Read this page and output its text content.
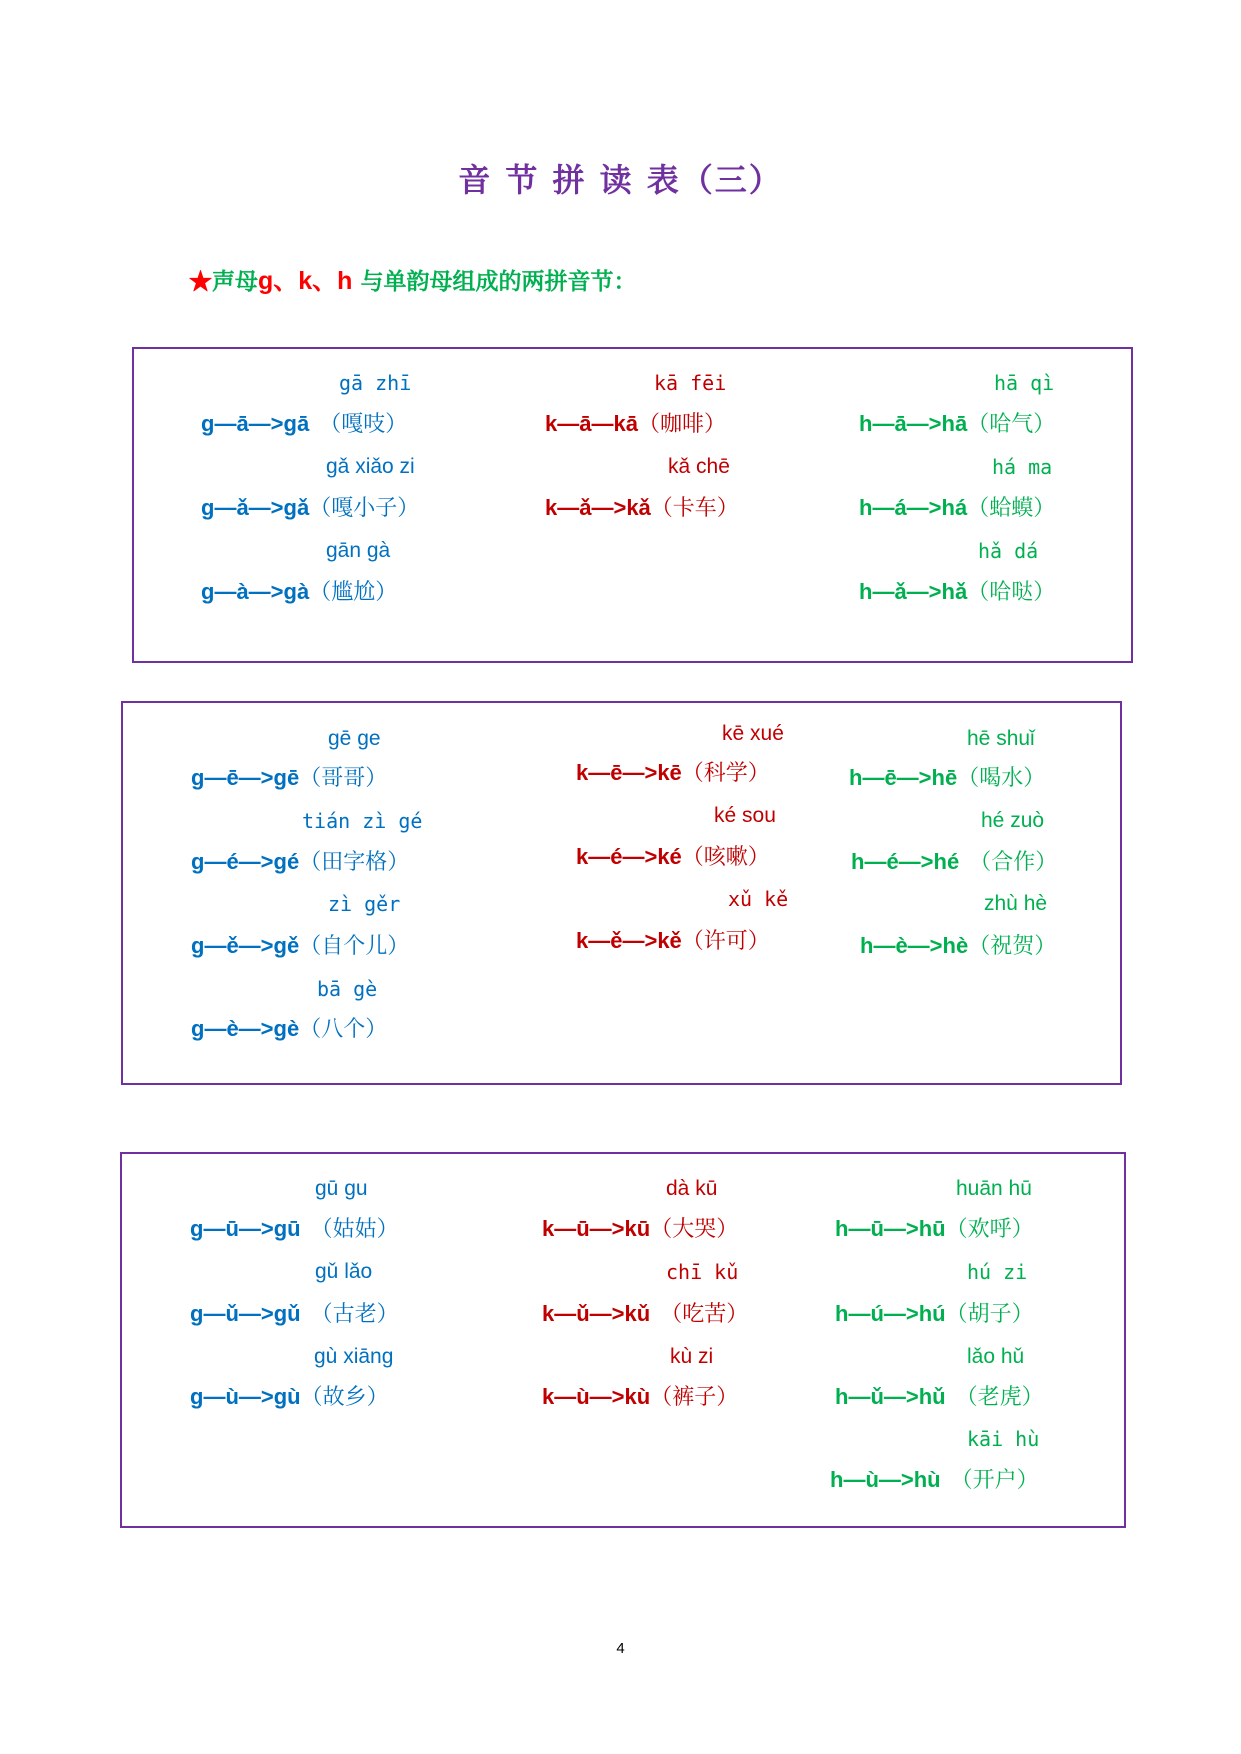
音 节 拼 读 表（三）
★声母g、k、h 与单韵母组成的两拼音节：
gā zhī
g—ā—>gā （嘎吱）
gǎ xiǎo zi
g—ǎ—>gǎ（嘎小子）
gān gà
g—à—>gà（尴尬）
kā fēi
k—ā—kā（咖啡）
kǎ chē
k—ǎ—>kǎ（卡车）
hā qì
h—ā—>hā（哈气）
há ma
h—á—>há（蛤蟆）
hǎ dá
h—ǎ—>hǎ（哈哒）
gē ge
g—ē—>gē（哥哥）
tián zì gé
g—é—>gé（田字格）
zì gěr
g—ě—>gě（自个儿）
bā gè
g—è—>gè（八个）
kē xué
k—ē—>kē（科学）
ké sou
k—é—>ké（咳嗽）
xǔ kě
k—ě—>kě（许可）
hē shuǐ
h—ē—>hē（喝水）
hé zuò
h—é—>hé （合作）
zhù hè
h—è—>hè（祝贺）
gū gu
g—ū—>gū （姑姑）
gǔ lǎo
g—ǔ—>gǔ （古老）
gù xiāng
g—ù—>gù（故乡）
dà kū
k—ū—>kū（大哭）
chī kǔ
k—ǔ—>kǔ （吃苦）
kù zi
k—ù—>kù（裤子）
huān hū
h—ū—>hū（欢呼）
hú zi
h—ú—>hú（胡子）
lǎo hǔ
h—ǔ—>hǔ （老虎）
kāi hù
h—ù—>hù （开户）
4
